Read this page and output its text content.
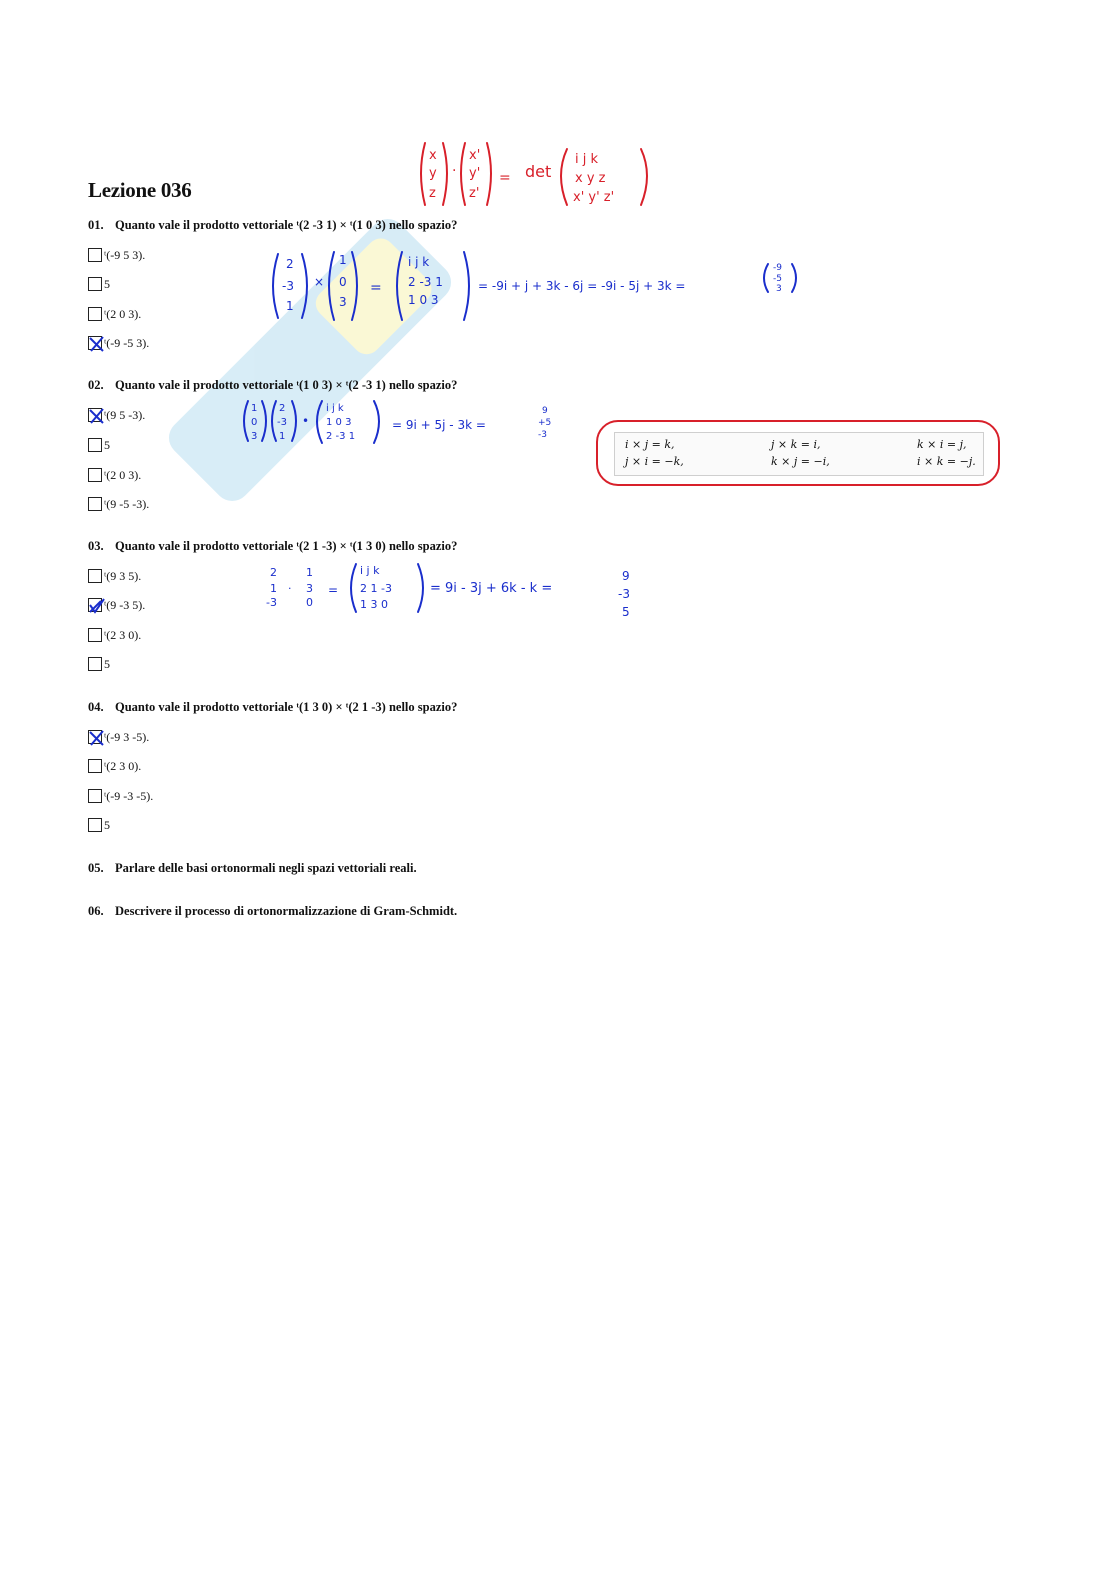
Lezione 036
x
y
z
·
x'
y'
z'
= det
i j k
x y z
x' y' z'
01. Quanto vale il prodotto vettoriale ᵗ(2 -3 1) × ᵗ(1 0 3) nello spazio?
ᵗ(-9 5 3).
5
ᵗ(2 0 3).
ᵗ(-9 -5 3).
2
-3
1
×
1
0
3
=
i j k
2 -3 1
1 0 3
= -9i + j + 3k - 6j = -9i - 5j + 3k =
-9
-5
3
02. Quanto vale il prodotto vettoriale ᵗ(1 0 3) × ᵗ(2 -3 1) nello spazio?
ᵗ(9 5 -3).
5
ᵗ(2 0 3).
ᵗ(9 -5 -3).
1
0
3
2
-3
1
•
i j k
1 0 3
2 -3 1
= 9i + 5j - 3k =
9
+5
-3
i × j = k,	j × k = i,	k × i = j,
j × i = −k,	k × j = −i,	i × k = −j.
03. Quanto vale il prodotto vettoriale ᵗ(2 1 -3) × ᵗ(1 3 0) nello spazio?
ᵗ(9 3 5).
ᵗ(9 -3 5).
ᵗ(2 3 0).
5
2
1
-3
·
1
3
0
=
i j k
2 1 -3
1 3 0
= 9i - 3j + 6k - k =
9
-3
5
04. Quanto vale il prodotto vettoriale ᵗ(1 3 0) × ᵗ(2 1 -3) nello spazio?
ᵗ(-9 3 -5).
ᵗ(2 3 0).
ᵗ(-9 -3 -5).
5
05. Parlare delle basi ortonormali negli spazi vettoriali reali.
06. Descrivere il processo di ortonormalizzazione di Gram-Schmidt.
